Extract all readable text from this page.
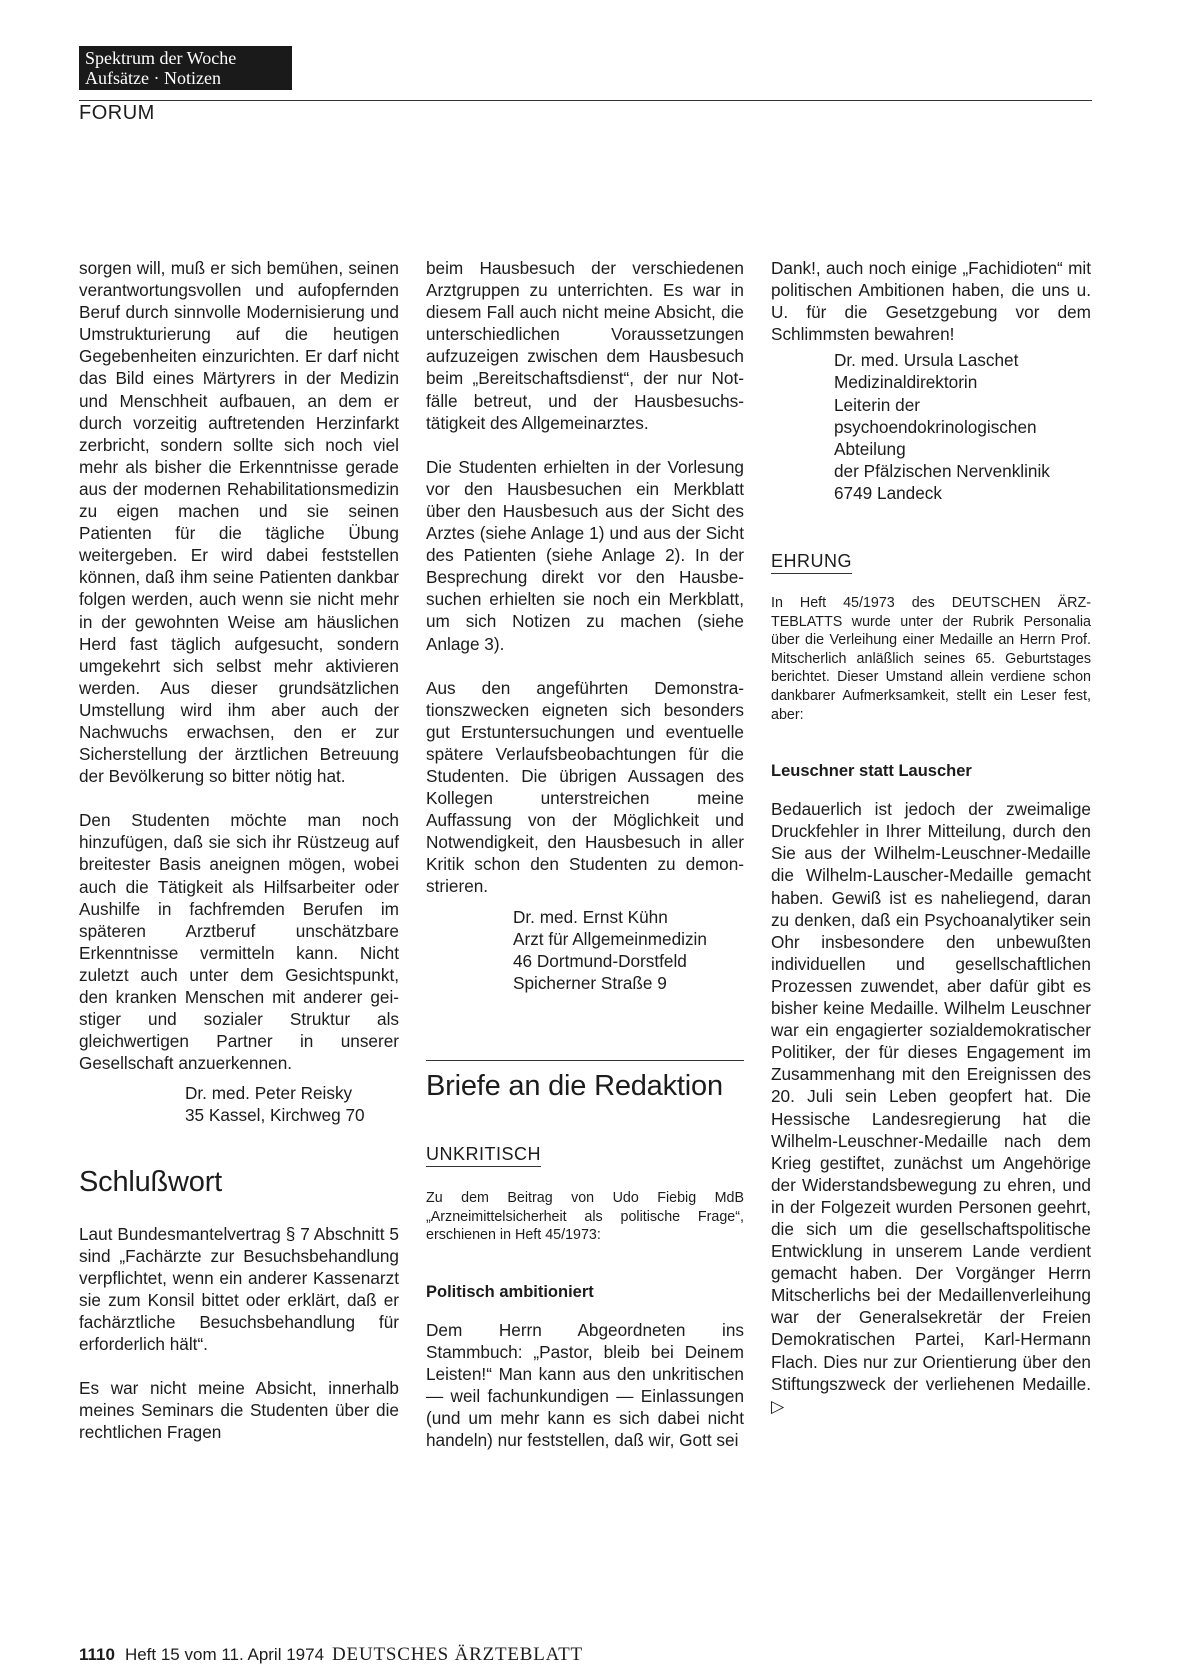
Spektrum der Woche
Aufsätze · Notizen
FORUM

sorgen will, muß er sich bemühen, seinen verantwortungsvollen und aufopfernden Beruf durch sinnvolle Modernisierung und Umstrukturierung auf die heutigen Gegebenheiten einzurichten. Er darf nicht das Bild eines Märtyrers in der Medizin und Menschheit aufbauen, an dem er durch vorzeitig auftretenden Herzinfarkt zerbricht, sondern sollte sich noch viel mehr als bisher die Erkenntnisse gerade aus der modernen Rehabilitationsmedizin zu eigen machen und sie seinen Patienten für die tägliche Übung weitergeben. Er wird dabei feststellen können, daß ihm seine Patienten dankbar folgen werden, auch wenn sie nicht mehr in der gewohnten Weise am häuslichen Herd fast täglich aufgesucht, sondern umgekehrt sich selbst mehr aktivieren werden. Aus dieser grundsätzlichen Umstellung wird ihm aber auch der Nachwuchs erwachsen, den er zur Sicherstellung der ärztlichen Betreuung der Bevölkerung so bitter nötig hat.

Den Studenten möchte man noch hinzufügen, daß sie sich ihr Rüstzeug auf breitester Basis aneignen mögen, wobei auch die Tätigkeit als Hilfsarbeiter oder Aushilfe in fachfremden Berufen im späteren Arztberuf unschätzbare Erkenntnisse vermitteln kann. Nicht zuletzt auch unter dem Gesichtspunkt, den kranken Menschen mit anderer geistiger und sozialer Struktur als gleichwertigen Partner in unserer Gesellschaft anzuerkennen.

Dr. med. Peter Reisky
35 Kassel, Kirchweg 70
Schlußwort

Laut Bundesmantelvertrag § 7 Abschnitt 5 sind „Fachärzte zur Besuchsbehandlung verpflichtet, wenn ein anderer Kassenarzt sie zum Konsil bittet oder erklärt, daß er fachärztliche Besuchsbehandlung für erforderlich hält“.

Es war nicht meine Absicht, innerhalb meines Seminars die Studenten über die rechtlichen Fragen

beim Hausbesuch der verschiedenen Arztgruppen zu unterrichten. Es war in diesem Fall auch nicht meine Absicht, die unterschiedlichen Voraussetzungen aufzuzeigen zwischen dem Hausbesuch beim „Bereitschaftsdienst“, der nur Notfälle betreut, und der Hausbesuchstätigkeit des Allgemeinarztes.

Die Studenten erhielten in der Vorlesung vor den Hausbesuchen ein Merkblatt über den Hausbesuch aus der Sicht des Arztes (siehe Anlage 1) und aus der Sicht des Patienten (siehe Anlage 2). In der Besprechung direkt vor den Hausbesuchen erhielten sie noch ein Merkblatt, um sich Notizen zu machen (siehe Anlage 3).

Aus den angeführten Demonstrationszwecken eigneten sich besonders gut Erstuntersuchungen und eventuelle spätere Verlaufsbeobachtungen für die Studenten. Die übrigen Aussagen des Kollegen unterstreichen meine Auffassung von der Möglichkeit und Notwendigkeit, den Hausbesuch in aller Kritik schon den Studenten zu demonstrieren.

Dr. med. Ernst Kühn
Arzt für Allgemeinmedizin
46 Dortmund-Dorstfeld
Spicherner Straße 9
Briefe an die Redaktion
UNKRITISCH

Zu dem Beitrag von Udo Fiebig MdB „Arzneimittelsicherheit als politische Frage“, erschienen in Heft 45/1973:

Politisch ambitioniert

Dem Herrn Abgeordneten ins Stammbuch: „Pastor, bleib bei Deinem Leisten!“ Man kann aus den unkritischen — weil fachunkundigen — Einlassungen (und um mehr kann es sich dabei nicht handeln) nur feststellen, daß wir, Gott sei

Dank!, auch noch einige „Fachidioten“ mit politischen Ambitionen haben, die uns u. U. für die Gesetzgebung vor dem Schlimmsten bewahren!

Dr. med. Ursula Laschet
Medizinaldirektorin
Leiterin der
psychoendokrinologischen
Abteilung
der Pfälzischen Nervenklinik
6749 Landeck
EHRUNG

In Heft 45/1973 des DEUTSCHEN ÄRZTEBLATTS wurde unter der Rubrik Personalia über die Verleihung einer Medaille an Herrn Prof. Mitscherlich anläßlich seines 65. Geburtstages berichtet. Dieser Umstand allein verdiene schon dankbarer Aufmerksamkeit, stellt ein Leser fest, aber:

Leuschner statt Lauscher

Bedauerlich ist jedoch der zweimalige Druckfehler in Ihrer Mitteilung, durch den Sie aus der Wilhelm-Leuschner-Medaille die Wilhelm-Lauscher-Medaille gemacht haben. Gewiß ist es naheliegend, daran zu denken, daß ein Psychoanalytiker sein Ohr insbesondere den unbewußten individuellen und gesellschaftlichen Prozessen zuwendet, aber dafür gibt es bisher keine Medaille. Wilhelm Leuschner war ein engagierter sozialdemokratischer Politiker, der für dieses Engagement im Zusammenhang mit den Ereignissen des 20. Juli sein Leben geopfert hat. Die Hessische Landesregierung hat die Wilhelm-Leuschner-Medaille nach dem Krieg gestiftet, zunächst um Angehörige der Widerstandsbewegung zu ehren, und in der Folgezeit wurden Personen geehrt, die sich um die gesellschaftspolitische Entwicklung in unserem Lande verdient gemacht haben. Der Vorgänger Herrn Mitscherlichs bei der Medaillenverleihung war der Generalsekretär der Freien Demokratischen Partei, Karl-Hermann Flach. Dies nur zur Orientierung über den Stiftungszweck der verliehenen Medaille. ▷

1110 Heft 15 vom 11. April 1974 DEUTSCHES ÄRZTEBLATT
